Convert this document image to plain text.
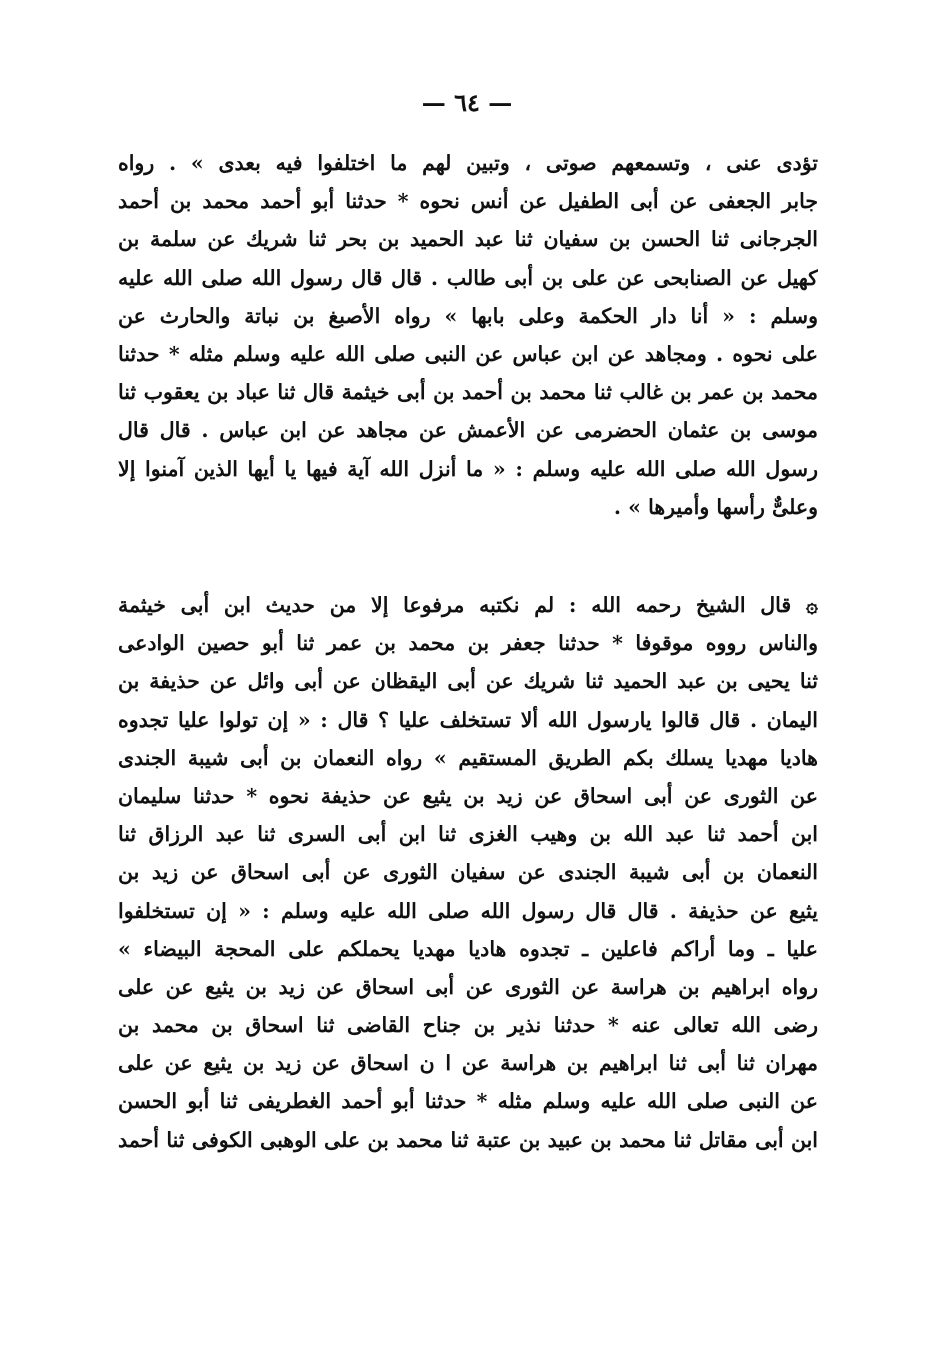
— ٦٤ —
تؤدى عنى ، وتسمعهم صوتى ، وتبين لهم ما اختلفوا فيه بعدى » . رواه
جابر الجعفى عن أبى الطفيل عن أنس نحوه * حدثنا أبو أحمد محمد بن أحمد
الجرجانى ثنا الحسن بن سفيان ثنا عبد الحميد بن بحر ثنا شريك عن سلمة بن
كهيل عن الصنابحى عن على بن أبى طالب . قال قال رسول الله صلى الله عليه
وسلم : « أنا دار الحكمة وعلى بابها » رواه الأصبغ بن نباتة والحارث عن
على نحوه . ومجاهد عن ابن عباس عن النبى صلى الله عليه وسلم مثله * حدثنا
محمد بن عمر بن غالب ثنا محمد بن أحمد بن أبى خيثمة قال ثنا عباد بن يعقوب ثنا
موسى بن عثمان الحضرمى عن الأعمش عن مجاهد عن ابن عباس . قال قال
رسول الله صلى الله عليه وسلم : « ما أنزل الله آية فيها يا أيها الذين آمنوا إلا
وعلىٌّ رأسها وأميرها » .
۞ قال الشيخ رحمه الله : لم نكتبه مرفوعا إلا من حديث ابن أبى خيثمة
والناس رووه موقوفا * حدثنا جعفر بن محمد بن عمر ثنا أبو حصين الوادعى
ثنا يحيى بن عبد الحميد ثنا شريك عن أبى اليقظان عن أبى وائل عن حذيفة بن
اليمان . قال قالوا يارسول الله ألا تستخلف عليا ؟ قال : « إن تولوا عليا تجدوه
هاديا مهديا يسلك بكم الطريق المستقيم » رواه النعمان بن أبى شيبة الجندى
عن الثورى عن أبى اسحاق عن زيد بن يثيع عن حذيفة نحوه * حدثنا سليمان
ابن أحمد ثنا عبد الله بن وهيب الغزى ثنا ابن أبى السرى ثنا عبد الرزاق ثنا
النعمان بن أبى شيبة الجندى عن سفيان الثورى عن أبى اسحاق عن زيد بن
يثيع عن حذيفة . قال قال رسول الله صلى الله عليه وسلم : « إن تستخلفوا
عليا ـ وما أراكم فاعلين ـ تجدوه هاديا مهديا يحملكم على المحجة البيضاء »
رواه ابراهيم بن هراسة عن الثورى عن أبى اسحاق عن زيد بن يثيع عن على
رضى الله تعالى عنه * حدثنا نذير بن جناح القاضى ثنا اسحاق بن محمد بن
مهران ثنا أبى ثنا ابراهيم بن هراسة عن ا ن اسحاق عن زيد بن يثيع عن على
عن النبى صلى الله عليه وسلم مثله * حدثنا أبو أحمد الغطريفى ثنا أبو الحسن
ابن أبى مقاتل ثنا محمد بن عبيد بن عتبة ثنا محمد بن على الوهبى الكوفى ثنا أحمد
